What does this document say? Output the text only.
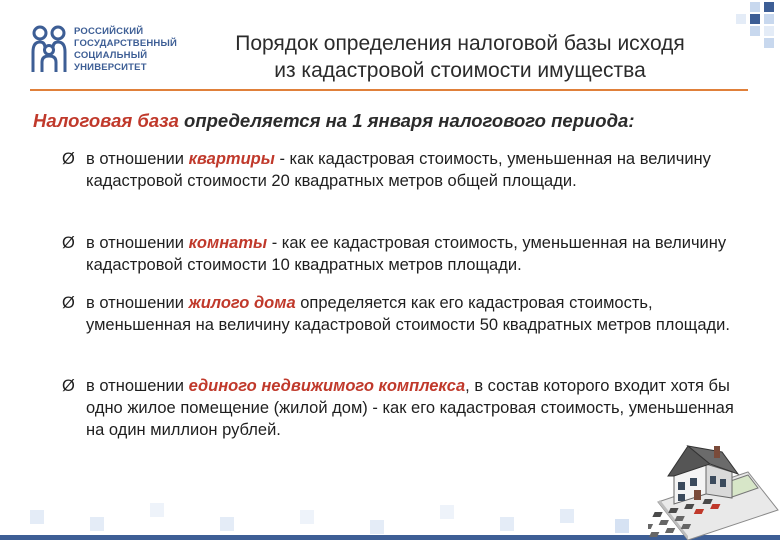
РОССИЙСКИЙ
ГОСУДАРСТВЕННЫЙ
СОЦИАЛЬНЫЙ
УНИВЕРСИТЕТ
Порядок определения налоговой базы исходя
из кадастровой стоимости имущества
Налоговая база определяется на 1 января налогового периода:
Ø в отношении квартиры - как кадастровая стоимость, уменьшенная на величину кадастровой стоимости 20 квадратных метров общей площади.
Ø в отношении комнаты - как ее кадастровая стоимость, уменьшенная на величину кадастровой стоимости 10 квадратных метров площади.
Ø в отношении жилого дома определяется как его кадастровая стоимость, уменьшенная на величину кадастровой стоимости 50 квадратных метров площади.
Ø в отношении единого недвижимого комплекса, в состав которого входит хотя бы одно жилое помещение (жилой дом) - как его кадастровая стоимость, уменьшенная на один миллион рублей.
